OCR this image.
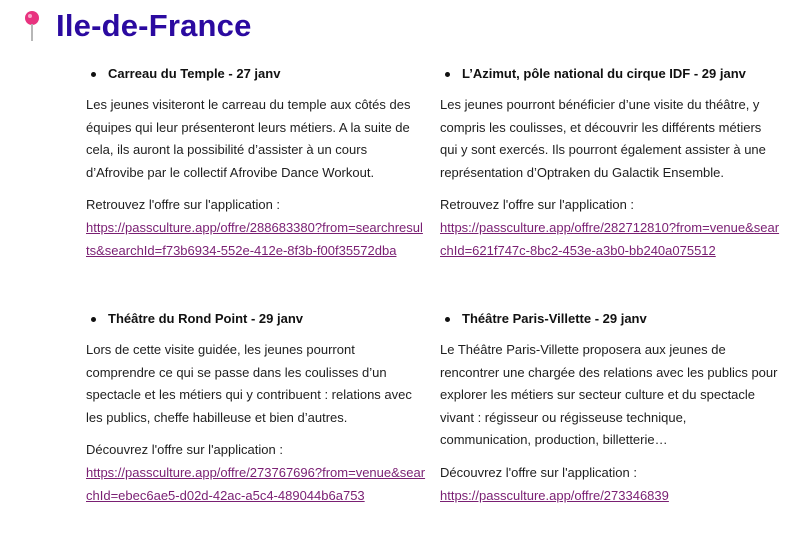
Ile-de-France
Carreau du Temple - 27 janv
Les jeunes visiteront le carreau du temple aux côtés des équipes qui leur présenteront leurs métiers. A la suite de cela, ils auront la possibilité d’assister à un cours d’Afrovibe par le collectif Afrovibe Dance Workout.
Retrouvez l'offre sur l'application :
https://passculture.app/offre/288683380?from=searchresults&searchId=f73b6934-552e-412e-8f3b-f00f35572dba
L’Azimut, pôle national du cirque IDF - 29 janv
Les jeunes pourront bénéficier d’une visite du théâtre, y compris les coulisses, et découvrir les différents métiers qui y sont exercés. Ils pourront également assister à une représentation d’Optraken du Galactik Ensemble.
Retrouvez l'offre sur l'application :
https://passculture.app/offre/282712810?from=venue&searchId=621f747c-8bc2-453e-a3b0-bb240a075512
Théâtre du Rond Point - 29 janv
Lors de cette visite guidée, les jeunes pourront comprendre ce qui se passe dans les coulisses d’un spectacle et les métiers qui y contribuent : relations avec les publics, cheffe habilleuse et bien d’autres.
Découvrez l'offre sur l'application :
https://passculture.app/offre/273767696?from=venue&searchId=ebec6ae5-d02d-42ac-a5c4-489044b6a753
Théâtre Paris-Villette - 29 janv
Le Théâtre Paris-Villette proposera aux jeunes de rencontrer une chargée des relations avec les publics pour explorer les métiers sur secteur culture et du spectacle vivant : régisseur ou régisseuse technique, communication, production, billetterie…
Découvrez l'offre sur l'application :
https://passculture.app/offre/273346839
